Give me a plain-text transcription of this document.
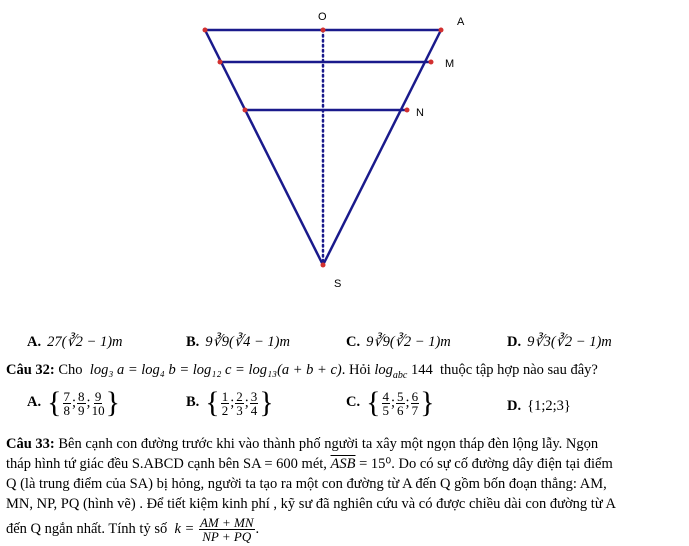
O	A
M
N
S
A. 27(∛2 − 1)m	B. 9∛9(∛4 − 1)m	C. 9∛9(∛2 − 1)m	D. 9∛3(∛2 − 1)m
Câu 32: Cho log₃ a = log₄ b = log₁₂ c = log₁₃(a + b + c). Hỏi $\log_{abc} 144$ thuộc tập hợp nào sau đây?
A. { $\frac{7}{8}$ ; $\frac{8}{9}$ ; $\frac{9}{10}$ }	B. { $\frac{1}{2}$ ; $\frac{2}{3}$ ; $\frac{3}{4}$ }	C. { $\frac{4}{5}$ ; $\frac{5}{6}$ ; $\frac{6}{7}$ }	D. {1;2;3}
Câu 33: Bên cạnh con đường trước khi vào thành phố người ta xây một ngọn tháp đèn lộng lẫy. Ngọn
tháp hình tứ giác đều S.ABCD cạnh bên SA = 600 mét, $\overline{ASB} = 15^0$. Do có sự cố đường dây điện tại điểm
Q (là trung điểm của SA) bị hỏng, người ta tạo ra một con đường từ A đến Q gồm bốn đoạn thẳng: AM,
MN, NP, PQ (hình vẽ) . Để tiết kiệm kinh phí , kỹ sư đã nghiên cứu và có được chiều dài con đường từ A
đến Q ngắn nhất. Tính tỷ số $k = \frac{AM + MN}{NP + PQ}$ .
